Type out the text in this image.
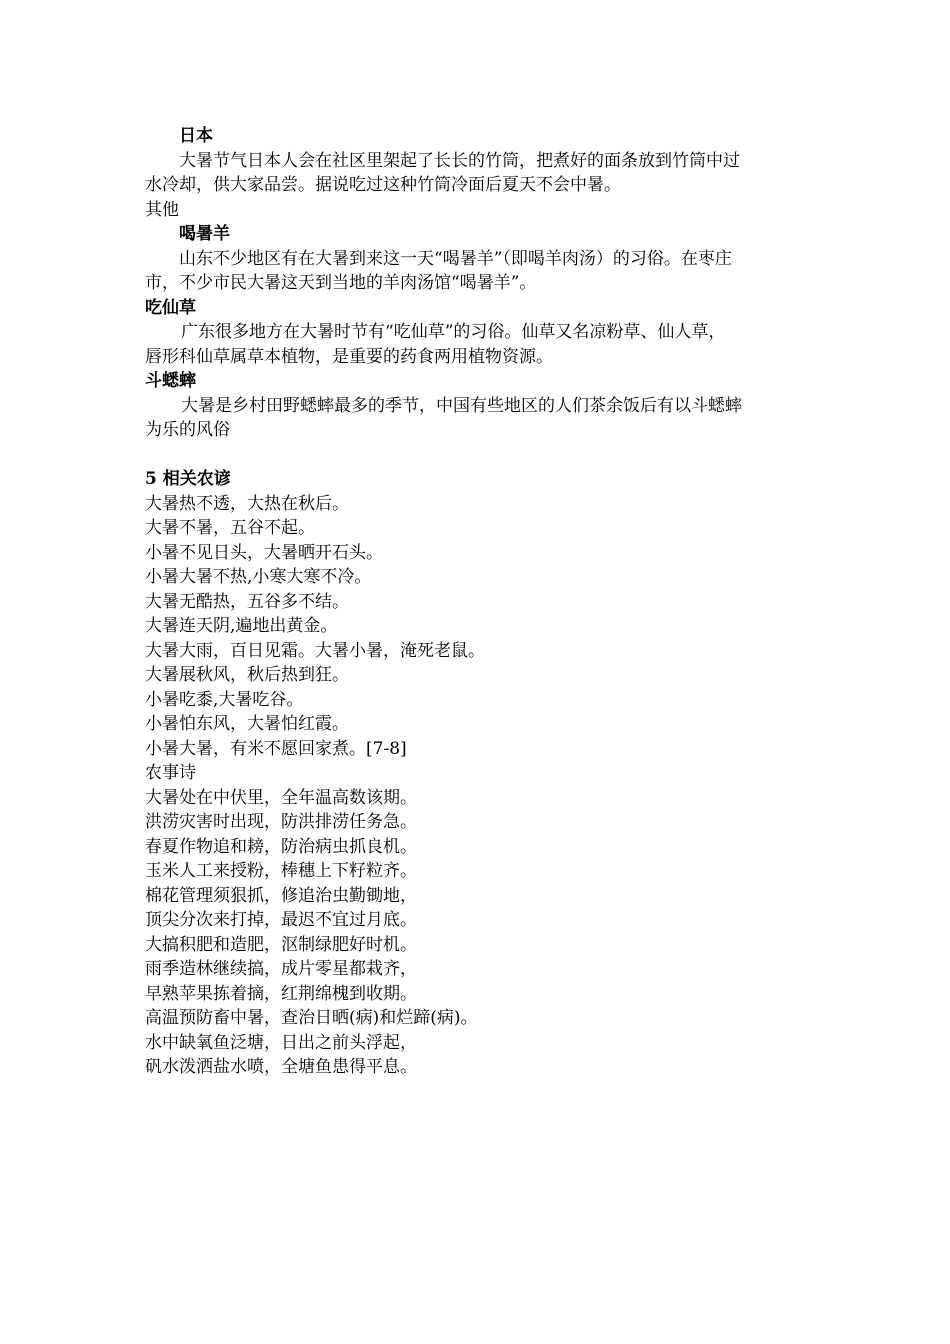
日本
大暑节气日本人会在社区里架起了长长的竹筒，把煮好的面条放到竹筒中过
水冷却，供大家品尝。据说吃过这种竹筒冷面后夏天不会中暑。
其他
喝暑羊
山东不少地区有在大暑到来这一天“喝暑羊”（即喝羊肉汤）的习俗。在枣庄
市，不少市民大暑这天到当地的羊肉汤馆“喝暑羊”。
吃仙草
广东很多地方在大暑时节有“吃仙草”的习俗。仙草又名凉粉草、仙人草，
唇形科仙草属草本植物，是重要的药食两用植物资源。
斗蟋蟀
大暑是乡村田野蟋蟀最多的季节，中国有些地区的人们茶余饭后有以斗蟋蟀
为乐的风俗
5 相关农谚
大暑热不透，大热在秋后。
大暑不暑，五谷不起。
小暑不见日头，大暑晒开石头。
小暑大暑不热,小寒大寒不冷。
大暑无酷热，五谷多不结。
大暑连天阴,遍地出黄金。
大暑大雨，百日见霜。大暑小暑，淹死老鼠。
大暑展秋风，秋后热到狂。
小暑吃黍,大暑吃谷。
小暑怕东风，大暑怕红霞。
小暑大暑，有米不愿回家煮。[7-8]
农事诗
大暑处在中伏里，全年温高数该期。
洪涝灾害时出现，防洪排涝任务急。
春夏作物追和耪，防治病虫抓良机。
玉米人工来授粉，棒穗上下籽粒齐。
棉花管理须狠抓，修追治虫勤锄地，
顶尖分次来打掉，最迟不宜过月底。
大搞积肥和造肥，沤制绿肥好时机。
雨季造林继续搞，成片零星都栽齐，
早熟苹果拣着摘，红荆绵槐到收期。
高温预防畜中暑，查治日晒(病)和烂蹄(病)。
水中缺氧鱼泛塘，日出之前头浮起，
矾水泼洒盐水喷，全塘鱼患得平息。
